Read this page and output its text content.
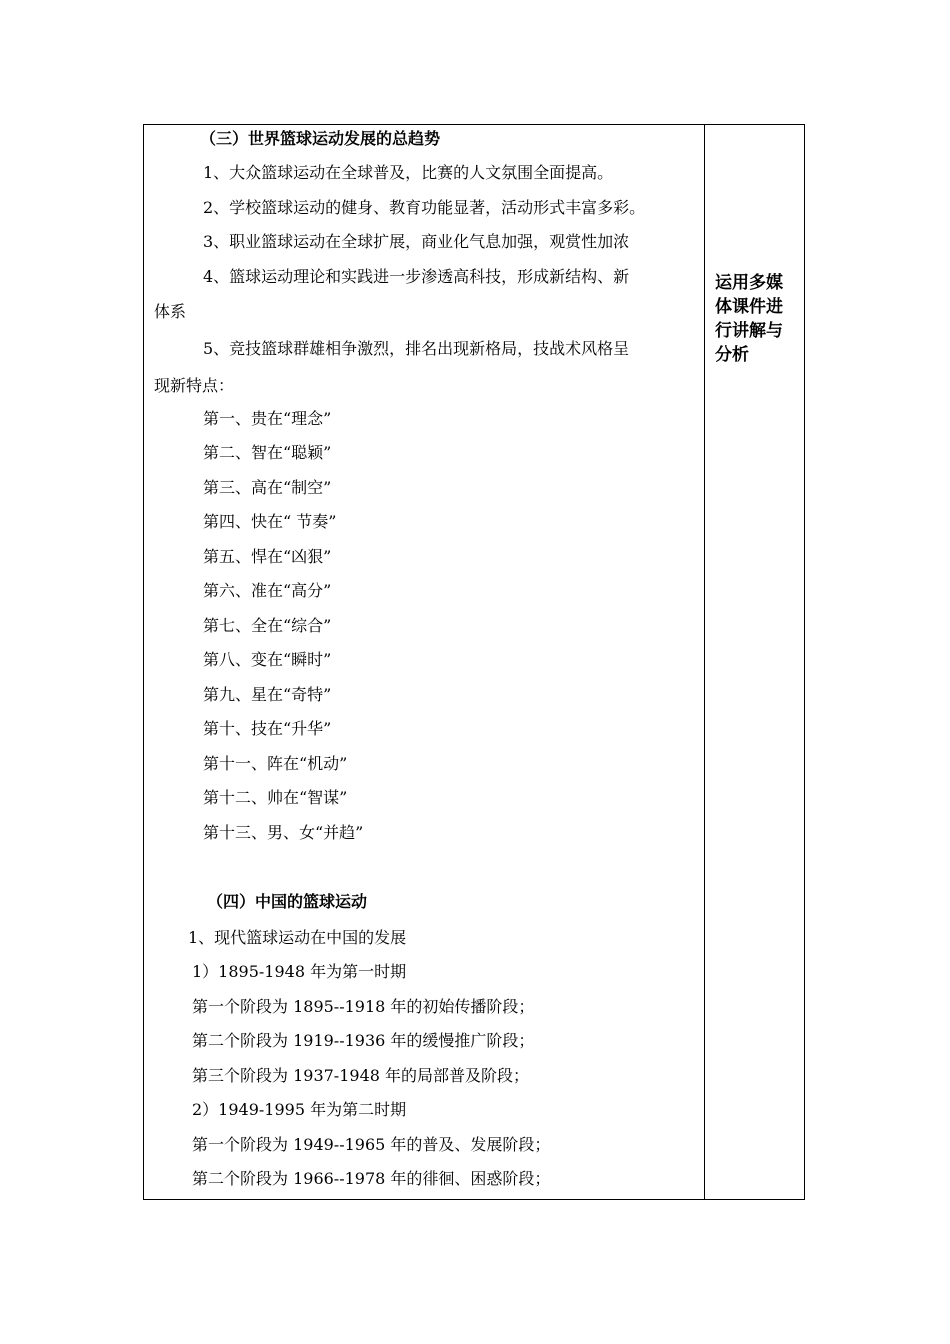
（三）世界篮球运动发展的总趋势
1、大众篮球运动在全球普及，比赛的人文氛围全面提高。
2、学校篮球运动的健身、教育功能显著，活动形式丰富多彩。
3、职业篮球运动在全球扩展，商业化气息加强，观赏性加浓
4、篮球运动理论和实践进一步渗透高科技，形成新结构、新
体系
5、竞技篮球群雄相争激烈，排名出现新格局，技战术风格呈
现新特点：
第一、贵在“理念”
第二、智在“聪颖”
第三、高在“制空”
第四、快在“ 节奏”
第五、悍在“凶狠”
第六、准在“高分”
第七、全在“综合”
第八、变在“瞬时”
第九、星在“奇特”
第十、技在“升华”
第十一、阵在“机动”
第十二、帅在“智谋”
第十三、男、女“并趋”
（四）中国的篮球运动
1、现代篮球运动在中国的发展
1）1895-1948 年为第一时期
第一个阶段为 1895--1918 年的初始传播阶段；
第二个阶段为 1919--1936 年的缓慢推广阶段；
第三个阶段为 1937-1948 年的局部普及阶段；
2）1949-1995 年为第二时期
第一个阶段为 1949--1965 年的普及、发展阶段；
第二个阶段为 1966--1978 年的徘徊、困惑阶段；
运用多媒
体课件进
行讲解与
分析
